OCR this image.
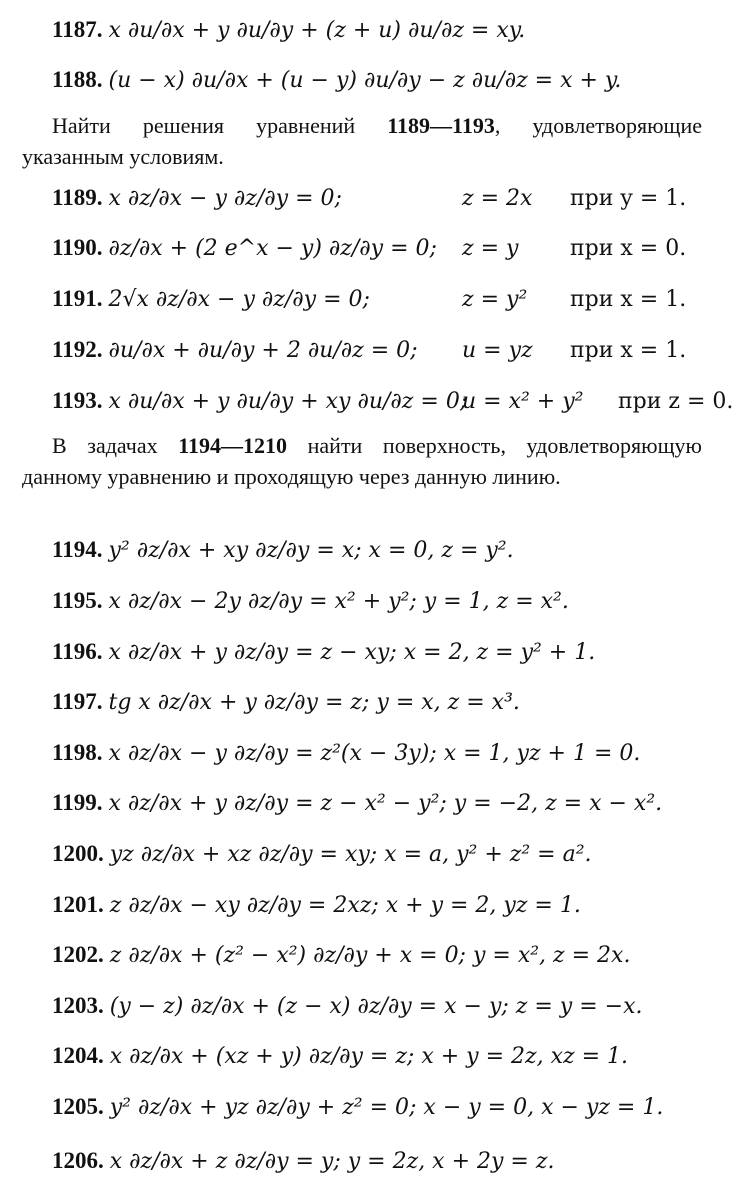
1187. x ∂u/∂x + y ∂u/∂y + (z + u) ∂u/∂z = xy.
1188. (u − x) ∂u/∂x + (u − y) ∂u/∂y − z ∂u/∂z = x + y.
Найти решения уравнений 1189—1193, удовлетворяющие указанным условиям.
1189. x ∂z/∂x − y ∂z/∂y = 0;	z = 2x при y = 1.
1190. ∂z/∂x + (2 e^x − y) ∂z/∂y = 0; z = y при x = 0.
1191. 2√x ∂z/∂x − y ∂z/∂y = 0;	z = y² при x = 1.
1192. ∂u/∂x + ∂u/∂y + 2 ∂u/∂z = 0; u = yz при x = 1.
1193. x ∂u/∂x + y ∂u/∂y + xy ∂u/∂z = 0;
u = x² + y² при z = 0.
В задачах 1194—1210 найти поверхность, удовлетворяющую данному уравнению и проходящую через данную линию.
1194. y² ∂z/∂x + xy ∂z/∂y = x; x = 0, z = y².
1195. x ∂z/∂x − 2y ∂z/∂y = x² + y²; y = 1, z = x².
1196. x ∂z/∂x + y ∂z/∂y = z − xy; x = 2, z = y² + 1.
1197. tg x ∂z/∂x + y ∂z/∂y = z; y = x, z = x³.
1198. x ∂z/∂x − y ∂z/∂y = z²(x − 3y); x = 1, yz + 1 = 0.
1199. x ∂z/∂x + y ∂z/∂y = z − x² − y²; y = −2, z = x − x².
1200. yz ∂z/∂x + xz ∂z/∂y = xy; x = a, y² + z² = a².
1201. z ∂z/∂x − xy ∂z/∂y = 2xz; x + y = 2, yz = 1.
1202. z ∂z/∂x + (z² − x²) ∂z/∂y + x = 0; y = x², z = 2x.
1203. (y − z) ∂z/∂x + (z − x) ∂z/∂y = x − y; z = y = −x.
1204. x ∂z/∂x + (xz + y) ∂z/∂y = z; x + y = 2z, xz = 1.
1205. y² ∂z/∂x + yz ∂z/∂y + z² = 0; x − y = 0, x − yz = 1.
1206. x ∂z/∂x + z ∂z/∂y = y; y = 2z, x + 2y = z.
